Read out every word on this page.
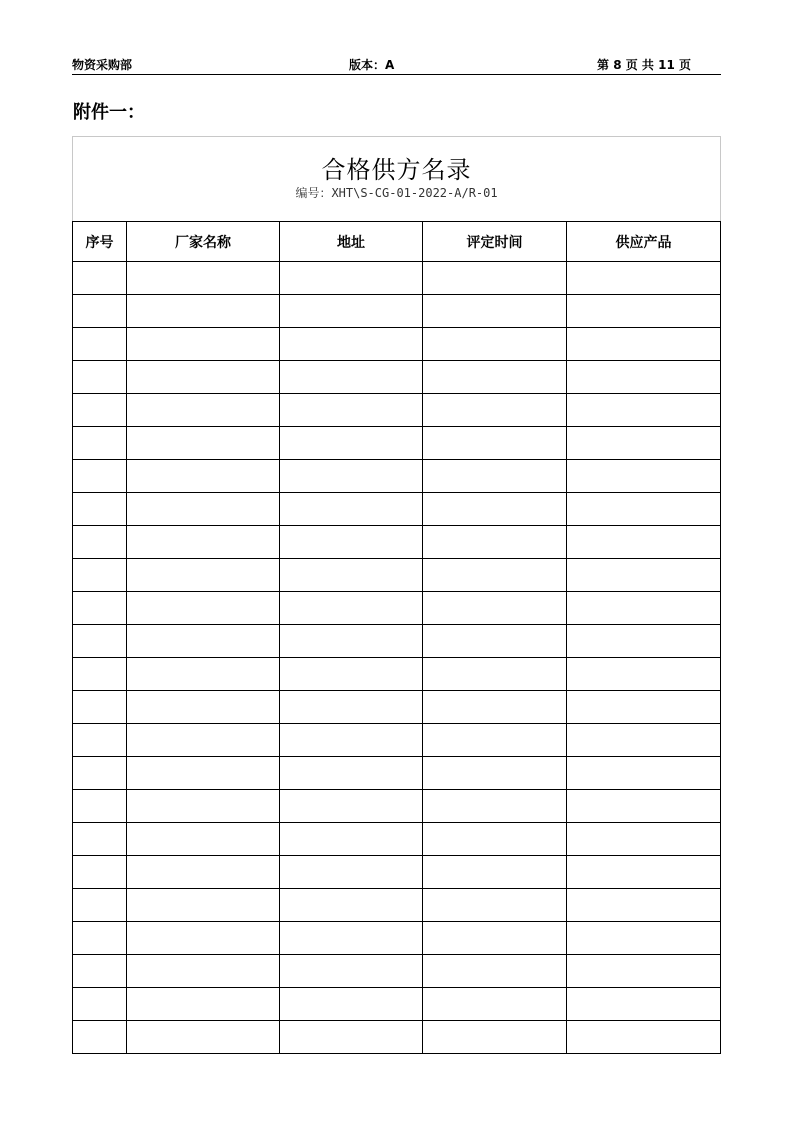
物资采购部	版本：A	第 8 页 共 11 页
附件一：
合格供方名录
编号：XHT\S-CG-01-2022-A/R-01				

序号	厂家名称	地址	评定时间	供应产品
